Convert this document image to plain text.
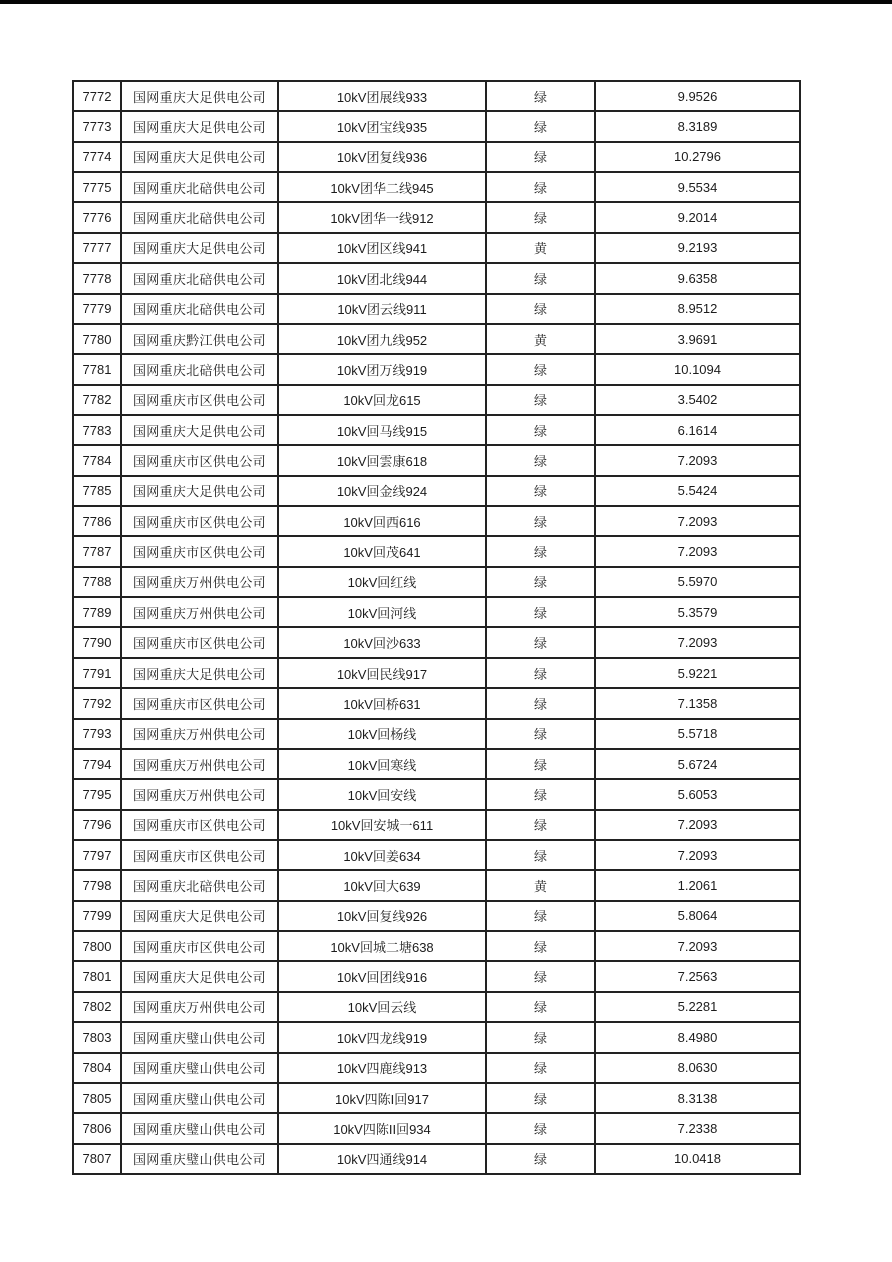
7772	国网重庆大足供电公司	10kV团展线933	绿	9.9526
7773	国网重庆大足供电公司	10kV团宝线935	绿	8.3189
7774	国网重庆大足供电公司	10kV团复线936	绿	10.2796
7775	国网重庆北碚供电公司	10kV团华二线945	绿	9.5534
7776	国网重庆北碚供电公司	10kV团华一线912	绿	9.2014
7777	国网重庆大足供电公司	10kV团区线941	黄	9.2193
7778	国网重庆北碚供电公司	10kV团北线944	绿	9.6358
7779	国网重庆北碚供电公司	10kV团云线911	绿	8.9512
7780	国网重庆黔江供电公司	10kV团九线952	黄	3.9691
7781	国网重庆北碚供电公司	10kV团万线919	绿	10.1094
7782	国网重庆市区供电公司	10kV回龙615	绿	3.5402
7783	国网重庆大足供电公司	10kV回马线915	绿	6.1614
7784	国网重庆市区供电公司	10kV回雲康618	绿	7.2093
7785	国网重庆大足供电公司	10kV回金线924	绿	5.5424
7786	国网重庆市区供电公司	10kV回西616	绿	7.2093
7787	国网重庆市区供电公司	10kV回茂641	绿	7.2093
7788	国网重庆万州供电公司	10kV回红线	绿	5.5970
7789	国网重庆万州供电公司	10kV回河线	绿	5.3579
7790	国网重庆市区供电公司	10kV回沙633	绿	7.2093
7791	国网重庆大足供电公司	10kV回民线917	绿	5.9221
7792	国网重庆市区供电公司	10kV回桥631	绿	7.1358
7793	国网重庆万州供电公司	10kV回杨线	绿	5.5718
7794	国网重庆万州供电公司	10kV回寒线	绿	5.6724
7795	国网重庆万州供电公司	10kV回安线	绿	5.6053
7796	国网重庆市区供电公司	10kV回安城一611	绿	7.2093
7797	国网重庆市区供电公司	10kV回姜634	绿	7.2093
7798	国网重庆北碚供电公司	10kV回大639	黄	1.2061
7799	国网重庆大足供电公司	10kV回复线926	绿	5.8064
7800	国网重庆市区供电公司	10kV回城二塘638	绿	7.2093
7801	国网重庆大足供电公司	10kV回团线916	绿	7.2563
7802	国网重庆万州供电公司	10kV回云线	绿	5.2281
7803	国网重庆璧山供电公司	10kV四龙线919	绿	8.4980
7804	国网重庆璧山供电公司	10kV四鹿线913	绿	8.0630
7805	国网重庆璧山供电公司	10kV四陈I回917	绿	8.3138
7806	国网重庆璧山供电公司	10kV四陈II回934	绿	7.2338
7807	国网重庆璧山供电公司	10kV四通线914	绿	10.0418
